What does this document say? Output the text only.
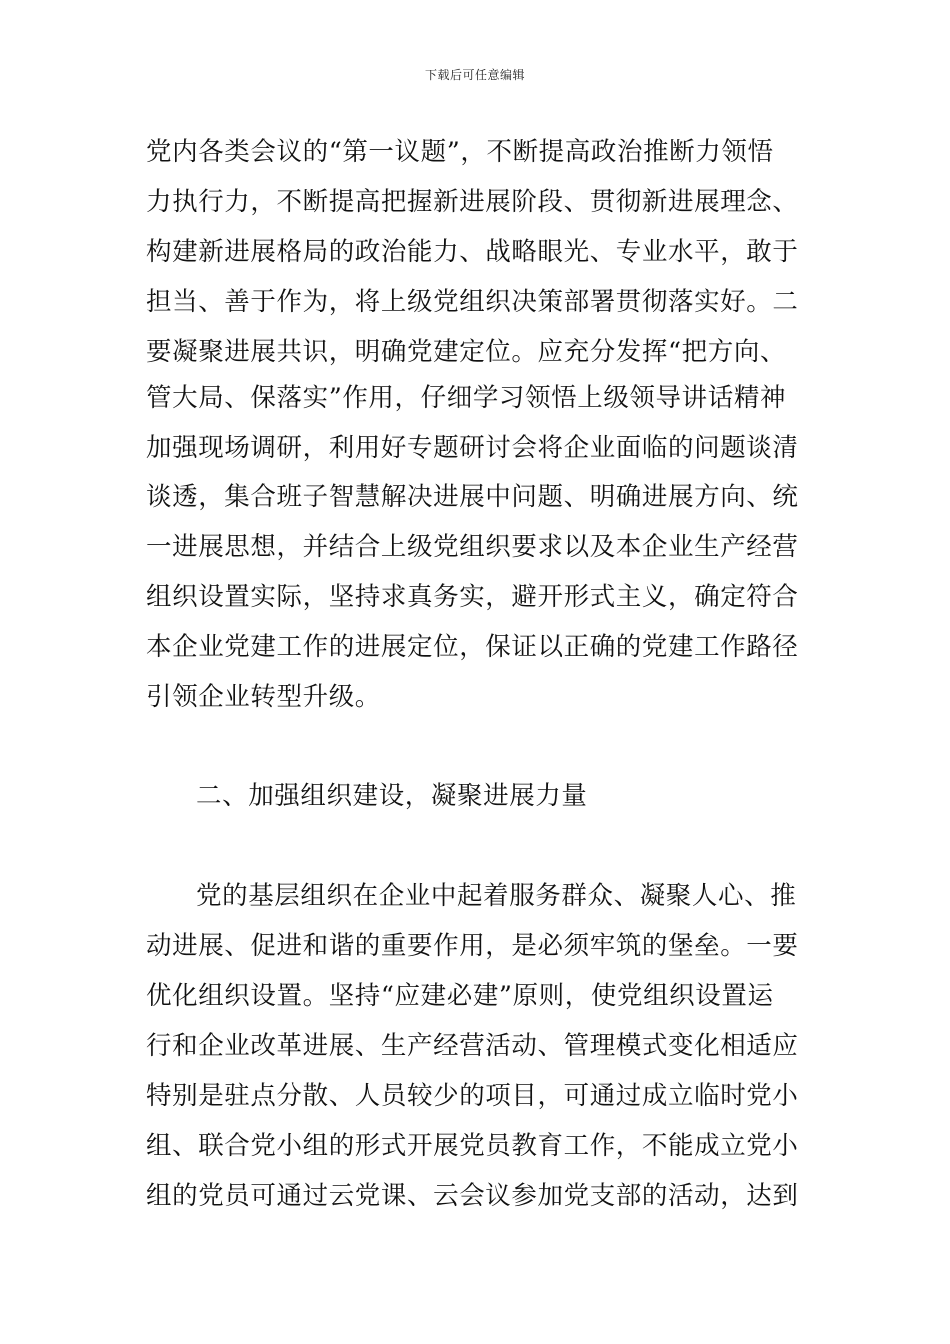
下载后可任意编辑
党内各类会议的“第一议题”，不断提高政治推断力领悟
力执行力，不断提高把握新进展阶段、贯彻新进展理念、
构建新进展格局的政治能力、战略眼光、专业水平，敢于
担当、善于作为，将上级党组织决策部署贯彻落实好。二
要凝聚进展共识，明确党建定位。应充分发挥“把方向、
管大局、保落实”作用，仔细学习领悟上级领导讲话精神
加强现场调研，利用好专题研讨会将企业面临的问题谈清
谈透，集合班子智慧解决进展中问题、明确进展方向、统
一进展思想，并结合上级党组织要求以及本企业生产经营
组织设置实际，坚持求真务实，避开形式主义，确定符合
本企业党建工作的进展定位，保证以正确的党建工作路径
引领企业转型升级。
二、加强组织建设，凝聚进展力量
党的基层组织在企业中起着服务群众、凝聚人心、推
动进展、促进和谐的重要作用，是必须牢筑的堡垒。一要
优化组织设置。坚持“应建必建”原则，使党组织设置运
行和企业改革进展、生产经营活动、管理模式变化相适应
特别是驻点分散、人员较少的项目，可通过成立临时党小
组、联合党小组的形式开展党员教育工作，不能成立党小
组的党员可通过云党课、云会议参加党支部的活动，达到
